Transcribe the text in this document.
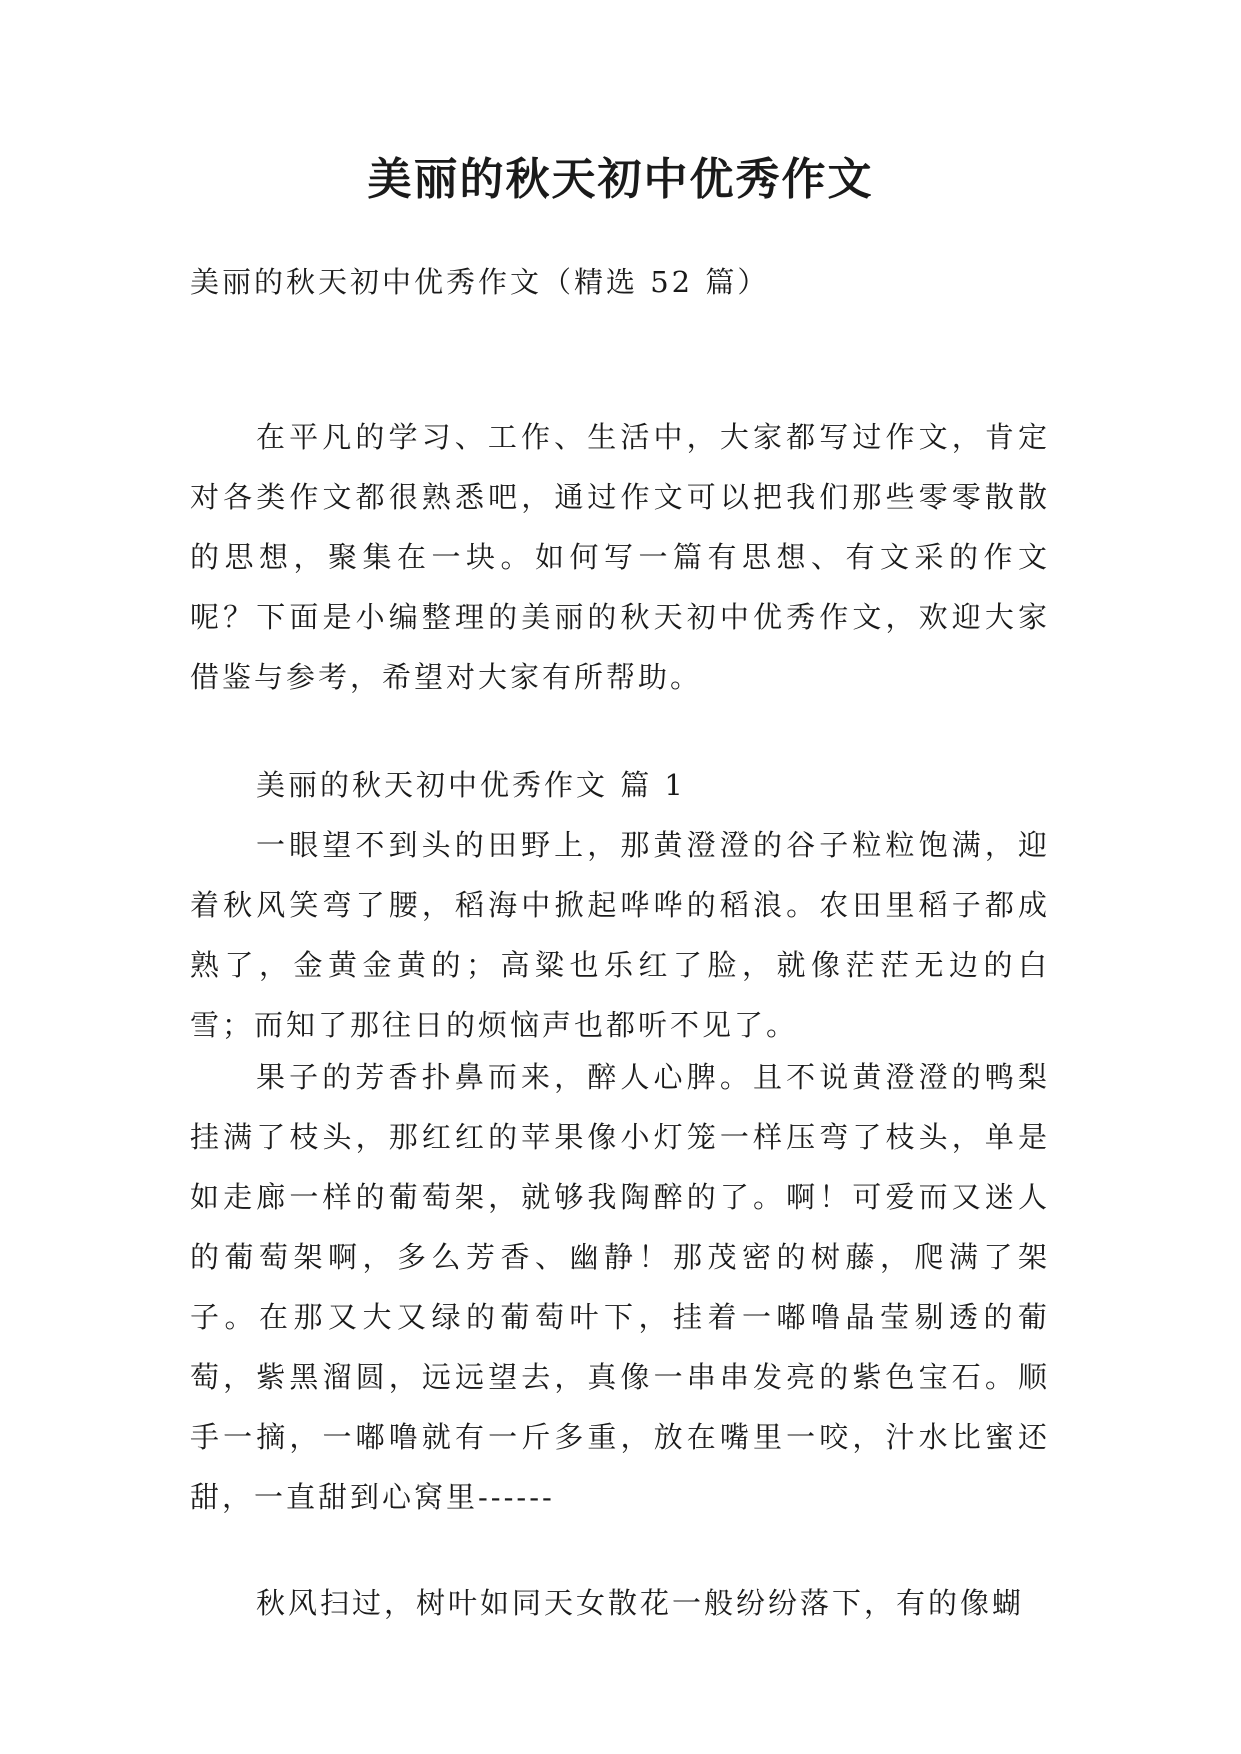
美丽的秋天初中优秀作文
美丽的秋天初中优秀作文（精选 52 篇）

在平凡的学习、工作、生活中，大家都写过作文，肯定对各类作文都很熟悉吧，通过作文可以把我们那些零零散散的思想，聚集在一块。如何写一篇有思想、有文采的作文呢？下面是小编整理的美丽的秋天初中优秀作文，欢迎大家借鉴与参考，希望对大家有所帮助。

美丽的秋天初中优秀作文 篇 1

一眼望不到头的田野上，那黄澄澄的谷子粒粒饱满，迎着秋风笑弯了腰，稻海中掀起哗哗的稻浪。农田里稻子都成熟了，金黄金黄的；高粱也乐红了脸，就像茫茫无边的白雪；而知了那往日的烦恼声也都听不见了。

果子的芳香扑鼻而来，醉人心脾。且不说黄澄澄的鸭梨挂满了枝头，那红红的苹果像小灯笼一样压弯了枝头，单是如走廊一样的葡萄架，就够我陶醉的了。啊！可爱而又迷人的葡萄架啊，多么芳香、幽静！那茂密的树藤，爬满了架子。在那又大又绿的葡萄叶下，挂着一嘟噜晶莹剔透的葡萄，紫黑溜圆，远远望去，真像一串串发亮的紫色宝石。顺手一摘，一嘟噜就有一斤多重，放在嘴里一咬，汁水比蜜还甜，一直甜到心窝里------

秋风扫过，树叶如同天女散花一般纷纷落下，有的像蝴
